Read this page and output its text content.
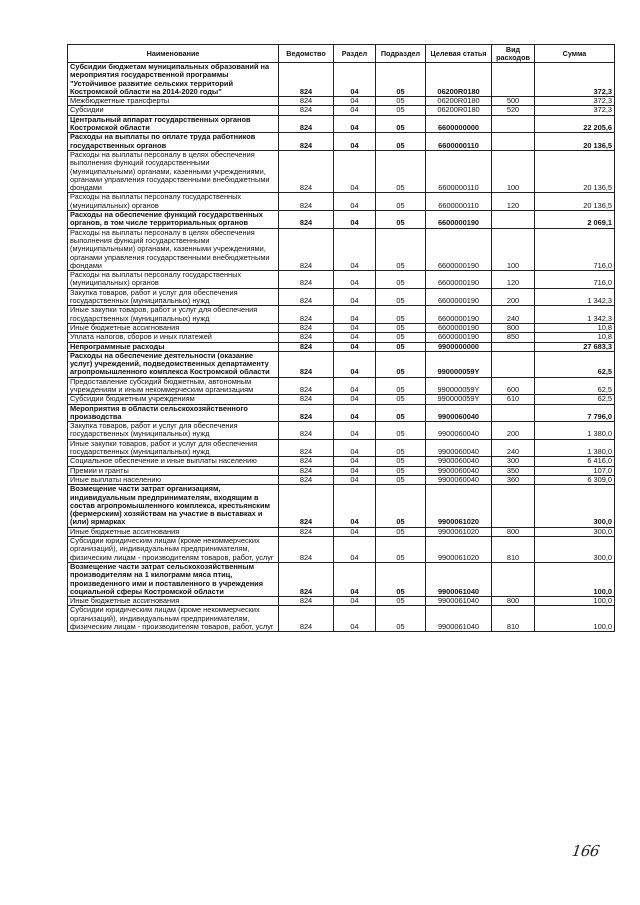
Наименование	Ведомство	Раздел	Подраздел	Целевая статья	Вид расходов	Сумма
Субсидии бюджетам муниципальных образований на мероприятия государственной программы "Устойчивое развитие сельских территорий Костромской области на 2014-2020 годы"	824	04	05	06200R0180		372,3
Межбюджетные трансферты	824	04	05	06200R0180	500	372,3
Субсидии	824	04	05	06200R0180	520	372,3
Центральный аппарат государственных органов Костромской области	824	04	05	6600000000		22 205,6
Расходы на выплаты по оплате труда работников государственных органов	824	04	05	6600000110		20 136,5
Расходы на выплаты персоналу в целях обеспечения выполнения функций государственными (муниципальными) органами, казенными учреждениями, органами управления государственными внебюджетными фондами	824	04	05	6600000110	100	20 136,5
Расходы на выплаты персоналу государственных (муниципальных) органов	824	04	05	6600000110	120	20 136,5
Расходы на обеспечение функций государственных органов, в том числе территориальных органов	824	04	05	6600000190		2 069,1
Расходы на выплаты персоналу в целях обеспечения выполнения функций государственными (муниципальными) органами, казенными учреждениями, органами управления государственными внебюджетными фондами	824	04	05	6600000190	100	716,0
Расходы на выплаты персоналу государственных (муниципальных) органов	824	04	05	6600000190	120	716,0
Закупка товаров, работ и услуг для обеспечения государственных (муниципальных) нужд	824	04	05	6600000190	200	1 342,3
Иные закупки товаров, работ и услуг для обеспечения государственных (муниципальных) нужд	824	04	05	6600000190	240	1 342,3
Иные бюджетные ассигнования	824	04	05	6600000190	800	10,8
Уплата налогов, сборов и иных платежей	824	04	05	6600000190	850	10,8
Непрограммные расходы	824	04	05	9900000000		27 683,3
Расходы на обеспечение деятельности (оказание услуг) учреждений, подведомственных департаменту агропромышленного комплекса Костромской области	824	04	05	990000059Y		62,5
Предоставление субсидий бюджетным, автономным учреждениям и иным некоммерческим организациям	824	04	05	990000059Y	600	62,5
Субсидии бюджетным учреждениям	824	04	05	990000059Y	610	62,5
Мероприятия в области сельскохозяйственного производства	824	04	05	9900060040		7 796,0
Закупка товаров, работ и услуг для обеспечения государственных (муниципальных) нужд	824	04	05	9900060040	200	1 380,0
Иные закупки товаров, работ и услуг для обеспечения государственных (муниципальных) нужд	824	04	05	9900060040	240	1 380,0
Социальное обеспечение и иные выплаты населению	824	04	05	9900060040	300	6 416,0
Премии и гранты	824	04	05	9900060040	350	107,0
Иные выплаты населению	824	04	05	9900060040	360	6 309,0
Возмещение части затрат организациям, индивидуальным предпринимателям, входящим в состав агропромышленного комплекса, крестьянским (фермерским) хозяйствам на участие в выставках и (или) ярмарках	824	04	05	9900061020		300,0
Иные бюджетные ассигнования	824	04	05	9900061020	800	300,0
Субсидии юридическим лицам (кроме некоммерческих организаций), индивидуальным предпринимателям, физическим лицам - производителям товаров, работ, услуг	824	04	05	9900061020	810	300,0
Возмещение части затрат сельскохозяйственным производителям на 1 килограмм мяса птиц, произведенного ими и поставленного в учреждения социальной сферы Костромской области	824	04	05	9900061040		100,0
Иные бюджетные ассигнования	824	04	05	9900061040	800	100,0
Субсидии юридическим лицам (кроме некоммерческих организаций), индивидуальным предпринимателям, физическим лицам - производителям товаров, работ, услуг	824	04	05	9900061040	810	100,0
166
